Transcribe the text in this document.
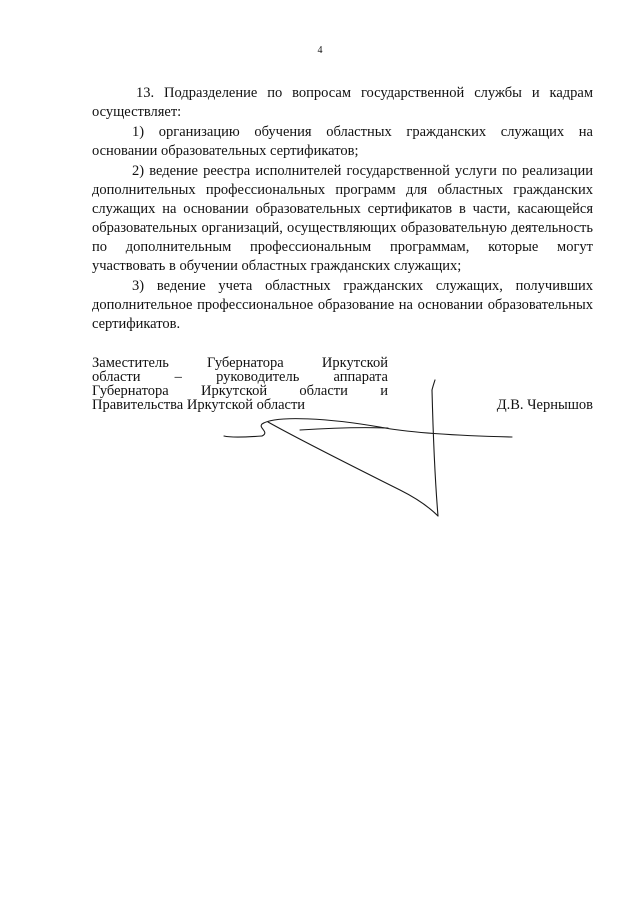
4

13. Подразделение по вопросам государственной службы и кадрам осуществляет:

1) организацию обучения областных гражданских служащих на основании образовательных сертификатов;

2) ведение реестра исполнителей государственной услуги по реализации дополнительных профессиональных программ для областных гражданских служащих на основании образовательных сертификатов в части, касающейся образовательных организаций, осуществляющих образовательную деятельность по дополнительным профессиональным программам, которые могут участвовать в обучении областных гражданских служащих;

3) ведение учета областных гражданских служащих, получивших дополнительное профессиональное образование на основании образовательных сертификатов.

Заместитель Губернатора Иркутской
области – руководитель аппарата
Губернатора Иркутской области и
Правительства Иркутской области	Д.В. Чернышов
